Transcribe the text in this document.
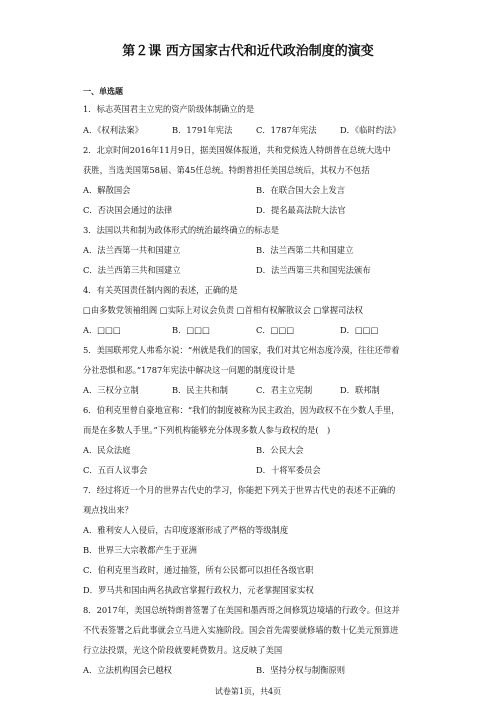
第２课 西方国家古代和近代政治制度的演变
一、单选题
1．标志英国君主立宪的资产阶级体制确立的是
A．《权利法案》	B．1791年宪法	C．1787年宪法	D．《临时约法》
2．北京时间2016年11月9日，据美国媒体报道，共和党候选人特朗普在总统大选中
获胜，当选美国第58届、第45任总统。特朗普担任美国总统后，其权力不包括
A．解散国会	B．在联合国大会上发言
C．否决国会通过的法律	D．提名最高法院大法官
3．法国以共和制为政体形式的统治最终确立的标志是
A．法兰西第一共和国建立	B．法兰西第二共和国建立
C．法兰西第三共和国建立	D．法兰西第三共和国宪法颁布
4．有关英国责任制内阁的表述，正确的是
□由多数党领袖组阁 □实际上对议会负责 □首相有权解散议会 □掌握司法权
A．□□□	B．□□□	C．□□□	D．□□□
5．美国联邦党人弗希尔说：“州就是我们的国家，我们对其它州态度冷漠，往往还带着
分社恐惧和恶。”1787年宪法中解决这一问题的制度设计是
A．三权分立制	B．民主共和制	C．君主立宪制	D．联邦制
6．伯利克里曾自豪地宣称：“我们的制度被称为民主政治，因为政权不在少数人手里，
而是在多数人手里。”下列机构能够充分体现多数人参与政权的是(　)
A．民众法庭	B．公民大会
C．五百人议事会	D．十将军委员会
7．经过将近一个月的世界古代史的学习，你能把下列关于世界古代史的表述不正确的
观点找出来？
A．雅利安人入侵后，古印度逐渐形成了严格的等级制度
B．世界三大宗教都产生于亚洲
C．伯利克里当政时，通过抽签，所有公民都可以担任各级官职
D．罗马共和国由两名执政官掌握行政权力，元老掌握国家实权
8．2017年，美国总统特朗普签署了在美国和墨西哥之间修筑边境墙的行政令。但这并
不代表签署之后此事就会立马进入实施阶段。国会首先需要就修墙的数十亿美元预算进
行立法投票，光这个阶段就要耗费数月。这反映了美国
A．立法机构国会已越权	B．坚持分权与制衡原则
试卷第1页，共4页
